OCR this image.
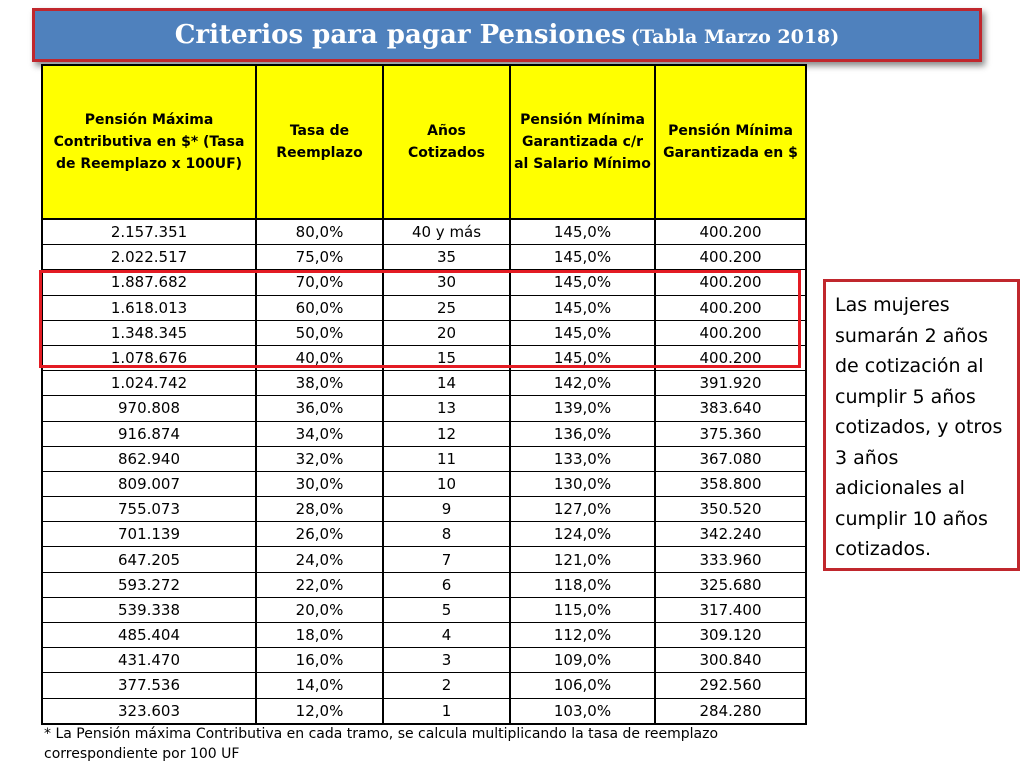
Criterios para pagar Pensiones (Tabla Marzo 2018)
Pensión Máxima Contributiva en $* (Tasa de Reemplazo x 100UF)	Tasa de Reemplazo	Años Cotizados	Pensión Mínima Garantizada c/r al Salario Mínimo	Pensión Mínima Garantizada en $
2.157.351	80,0%	40 y más	145,0%	400.200
2.022.517	75,0%	35	145,0%	400.200
1.887.682	70,0%	30	145,0%	400.200
1.618.013	60,0%	25	145,0%	400.200
1.348.345	50,0%	20	145,0%	400.200
1.078.676	40,0%	15	145,0%	400.200
1.024.742	38,0%	14	142,0%	391.920
970.808	36,0%	13	139,0%	383.640
916.874	34,0%	12	136,0%	375.360
862.940	32,0%	11	133,0%	367.080
809.007	30,0%	10	130,0%	358.800
755.073	28,0%	9	127,0%	350.520
701.139	26,0%	8	124,0%	342.240
647.205	24,0%	7	121,0%	333.960
593.272	22,0%	6	118,0%	325.680
539.338	20,0%	5	115,0%	317.400
485.404	18,0%	4	112,0%	309.120
431.470	16,0%	3	109,0%	300.840
377.536	14,0%	2	106,0%	292.560
323.603	12,0%	1	103,0%	284.280
Las mujeres sumarán 2 años de cotización al cumplir 5 años cotizados, y otros 3 años adicionales al cumplir 10 años cotizados.
* La Pensión máxima Contributiva en cada tramo, se calcula multiplicando la tasa de reemplazo correspondiente por 100 UF
